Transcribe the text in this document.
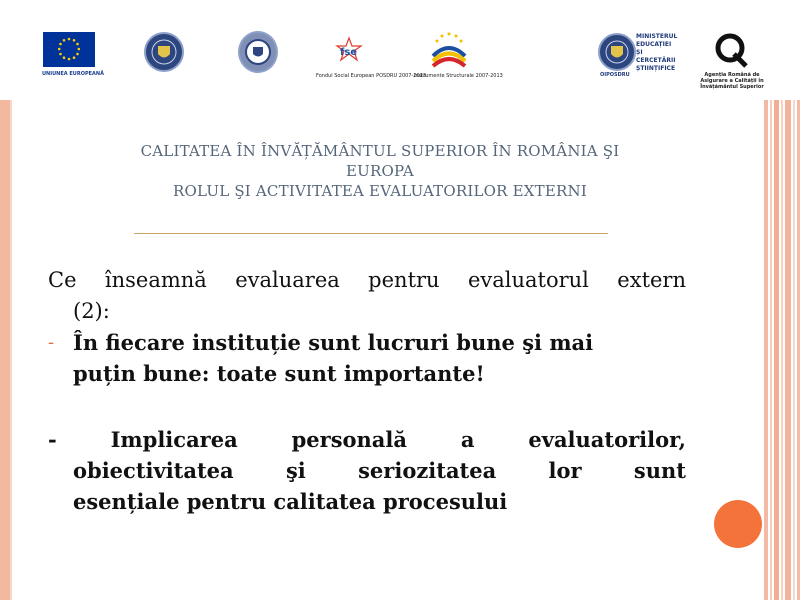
UNIUNEA EUROPEANĂ
fse
Fondul Social European POSDRU 2007-2013
Instrumente Structurale 2007-2013
MINISTERUL EDUCAȚIEI ȘI CERCETĂRII ȘTIINȚIFICE
OIPOSDRU	Agenția Română de Asigurare a Calității în Învățământul Superior
CALITATEA ÎN ÎNVĂȚĂMÂNTUL SUPERIOR ÎN ROMÂNIA ŞI
EUROPA
ROLUL ŞI ACTIVITATEA EVALUATORILOR EXTERNI

Ce înseamnă evaluarea pentru evaluatorul extern
(2):

- În fiecare instituție sunt lucruri bune şi mai
puțin bune: toate sunt importante!

- Implicarea personală a evaluatorilor,

obiectivitatea şi seriozitatea lor sunt

esențiale pentru calitatea procesului
